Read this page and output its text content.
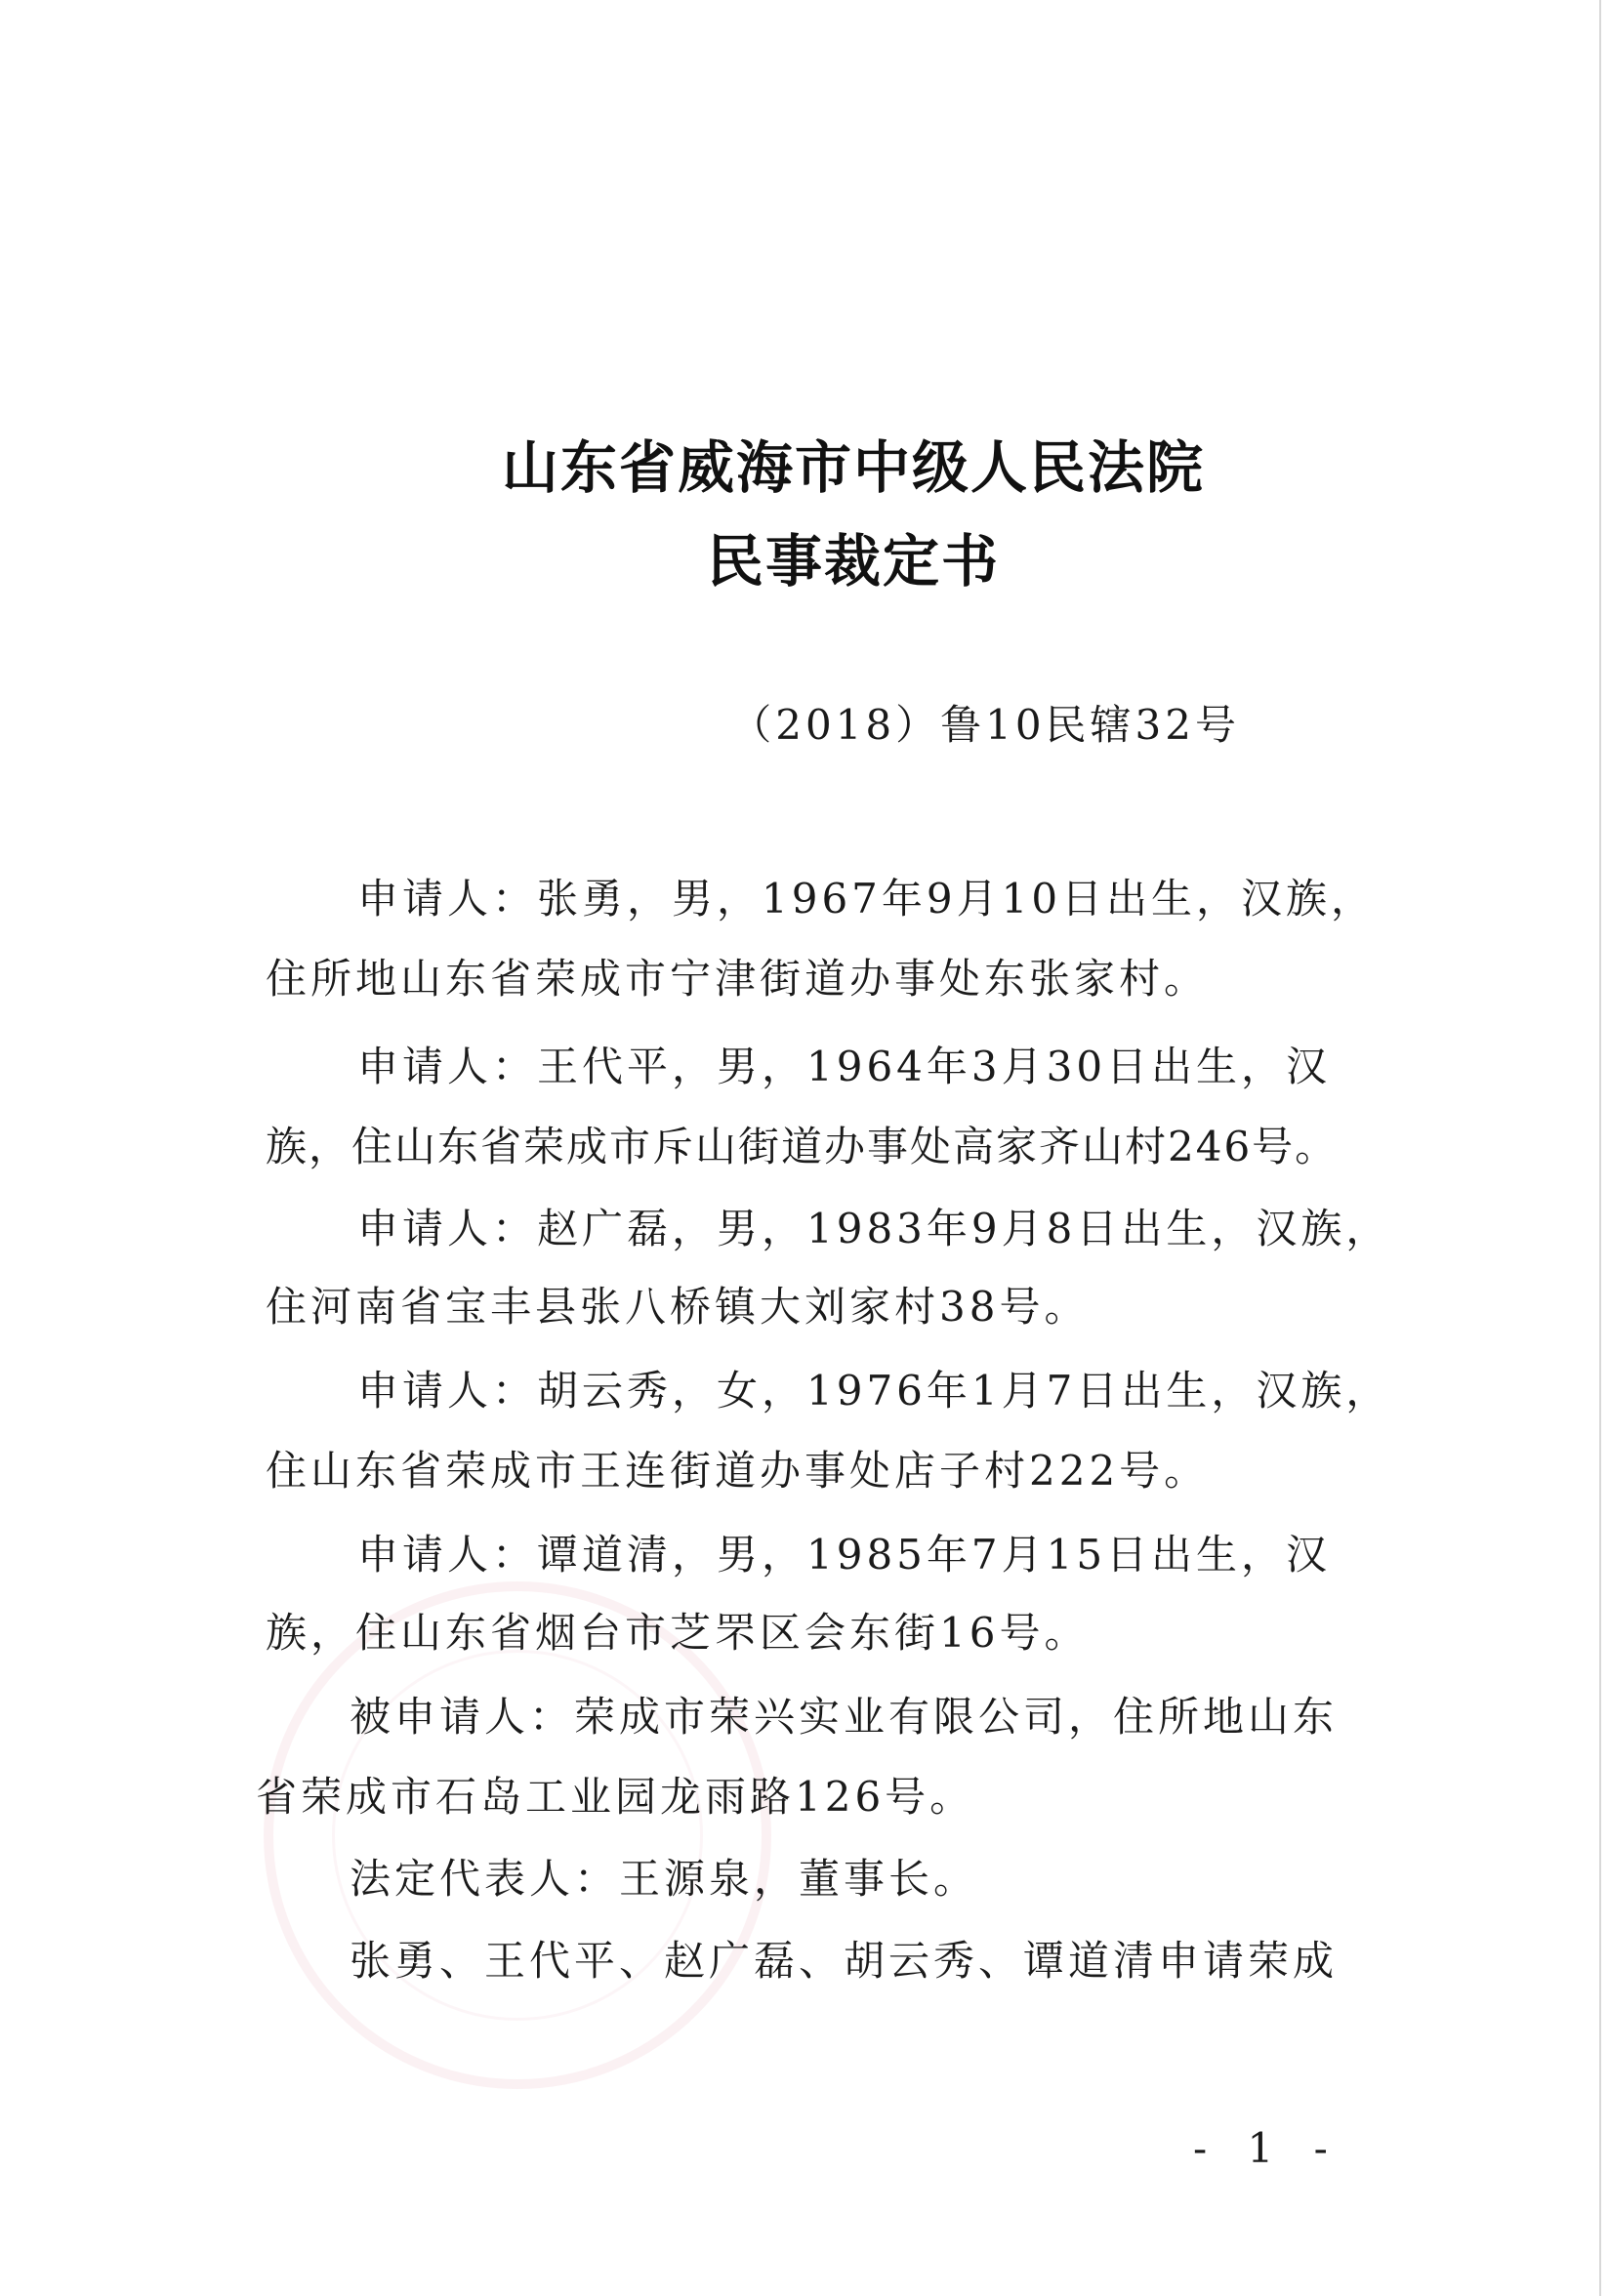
山东省威海市中级人民法院
民事裁定书
（2018）鲁10民辖32号
申请人：张勇，男，1967年9月10日出生，汉族，
住所地山东省荣成市宁津街道办事处东张家村。
申请人：王代平，男，1964年3月30日出生，汉
族，住山东省荣成市斥山街道办事处高家齐山村246号。
申请人：赵广磊，男，1983年9月8日出生，汉族，
住河南省宝丰县张八桥镇大刘家村38号。
申请人：胡云秀，女，1976年1月7日出生，汉族，
住山东省荣成市王连街道办事处店子村222号。
申请人：谭道清，男，1985年7月15日出生，汉
族，住山东省烟台市芝罘区会东街16号。
被申请人：荣成市荣兴实业有限公司，住所地山东
省荣成市石岛工业园龙雨路126号。
法定代表人：王源泉，董事长。
张勇、王代平、赵广磊、胡云秀、谭道清申请荣成
- 1 -
